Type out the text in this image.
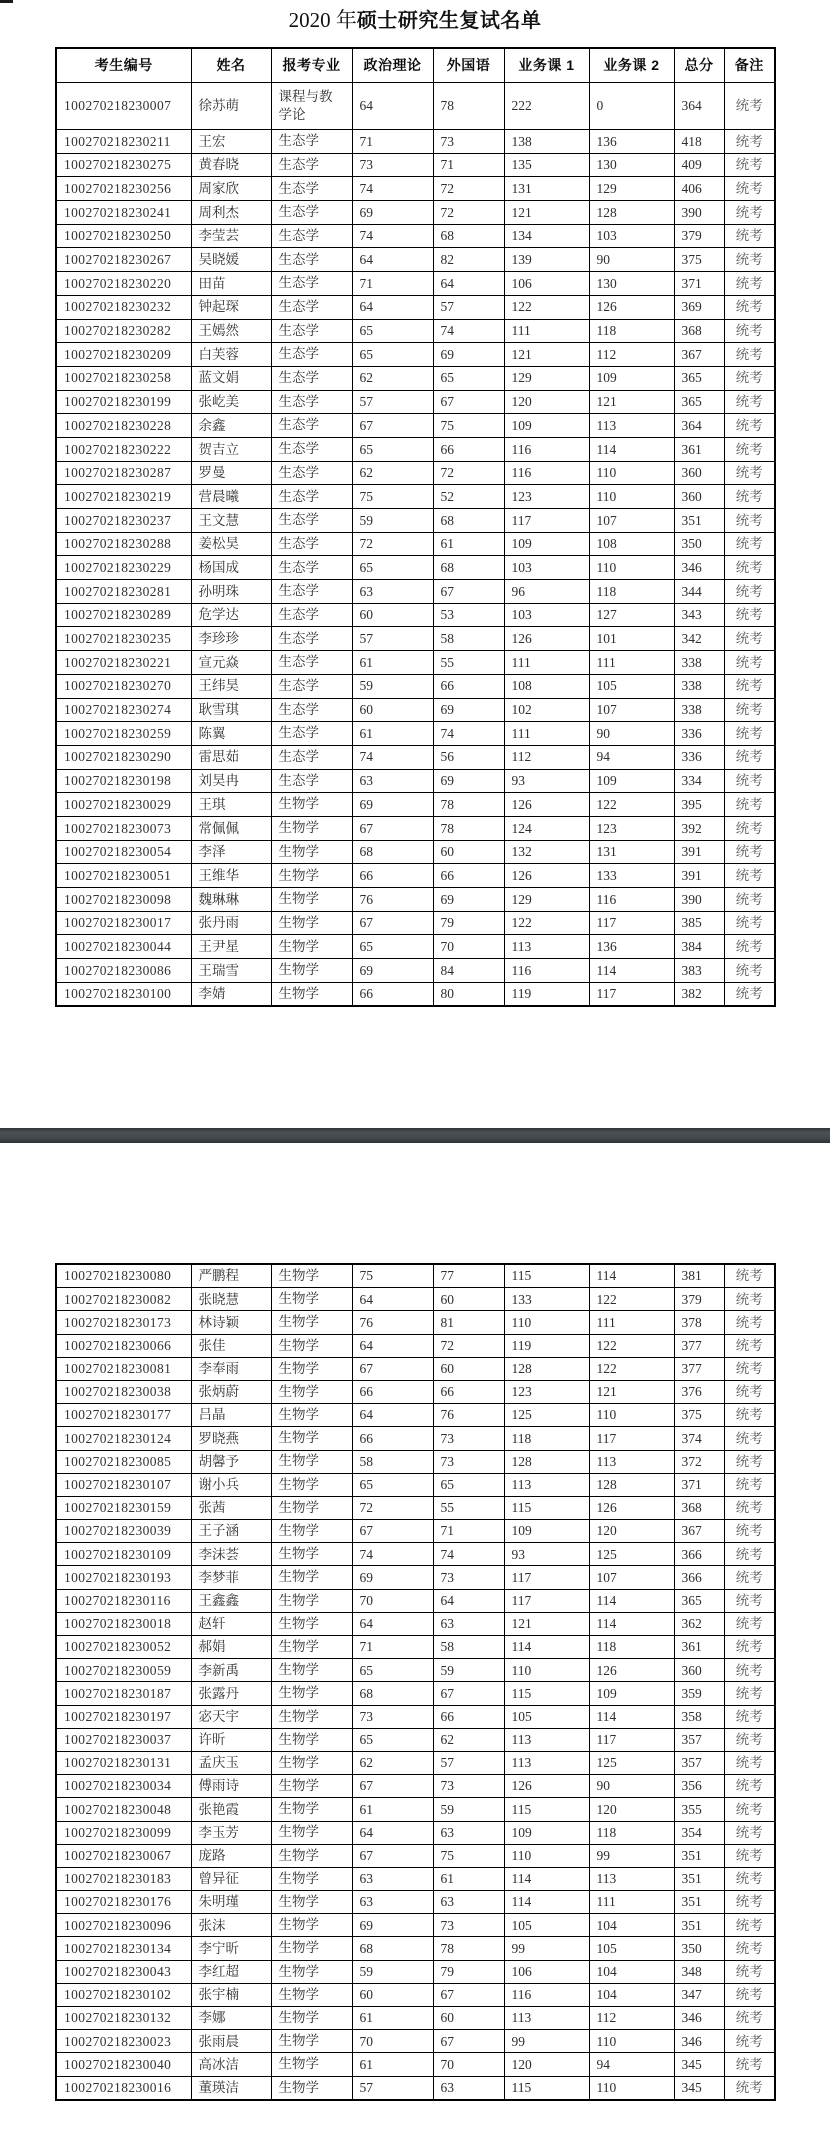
2020 年硕士研究生复试名单
考生编号	姓名	报考专业	政治理论	外国语	业务课 1	业务课 2	总分	备注
100270218230007	徐苏萌	课程与教学论	64	78	222	0	364	统考
100270218230211	王宏	生态学	71	73	138	136	418	统考
100270218230275	黄春晓	生态学	73	71	135	130	409	统考
100270218230256	周家欣	生态学	74	72	131	129	406	统考
100270218230241	周利杰	生态学	69	72	121	128	390	统考
100270218230250	李莹芸	生态学	74	68	134	103	379	统考
100270218230267	吴晓媛	生态学	64	82	139	90	375	统考
100270218230220	田苗	生态学	71	64	106	130	371	统考
100270218230232	钟起琛	生态学	64	57	122	126	369	统考
100270218230282	王嫣然	生态学	65	74	111	118	368	统考
100270218230209	白芙蓉	生态学	65	69	121	112	367	统考
100270218230258	蓝文娟	生态学	62	65	129	109	365	统考
100270218230199	张屹美	生态学	57	67	120	121	365	统考
100270218230228	余鑫	生态学	67	75	109	113	364	统考
100270218230222	贺吉立	生态学	65	66	116	114	361	统考
100270218230287	罗曼	生态学	62	72	116	110	360	统考
100270218230219	营晨曦	生态学	75	52	123	110	360	统考
100270218230237	王文慧	生态学	59	68	117	107	351	统考
100270218230288	姜松昊	生态学	72	61	109	108	350	统考
100270218230229	杨国成	生态学	65	68	103	110	346	统考
100270218230281	孙明珠	生态学	63	67	96	118	344	统考
100270218230289	危学达	生态学	60	53	103	127	343	统考
100270218230235	李珍珍	生态学	57	58	126	101	342	统考
100270218230221	宣元焱	生态学	61	55	111	111	338	统考
100270218230270	王纬昊	生态学	59	66	108	105	338	统考
100270218230274	耿雪琪	生态学	60	69	102	107	338	统考
100270218230259	陈翼	生态学	61	74	111	90	336	统考
100270218230290	雷思茹	生态学	74	56	112	94	336	统考
100270218230198	刘昊冉	生态学	63	69	93	109	334	统考
100270218230029	王琪	生物学	69	78	126	122	395	统考
100270218230073	常佩佩	生物学	67	78	124	123	392	统考
100270218230054	李泽	生物学	68	60	132	131	391	统考
100270218230051	王维华	生物学	66	66	126	133	391	统考
100270218230098	魏琳琳	生物学	76	69	129	116	390	统考
100270218230017	张丹雨	生物学	67	79	122	117	385	统考
100270218230044	王尹星	生物学	65	70	113	136	384	统考
100270218230086	王瑞雪	生物学	69	84	116	114	383	统考
100270218230100	李婧	生物学	66	80	119	117	382	统考
100270218230080	严鹏程	生物学	75	77	115	114	381	统考
100270218230082	张晓慧	生物学	64	60	133	122	379	统考
100270218230173	林诗颖	生物学	76	81	110	111	378	统考
100270218230066	张佳	生物学	64	72	119	122	377	统考
100270218230081	李奉雨	生物学	67	60	128	122	377	统考
100270218230038	张炳蔚	生物学	66	66	123	121	376	统考
100270218230177	吕晶	生物学	64	76	125	110	375	统考
100270218230124	罗晓燕	生物学	66	73	118	117	374	统考
100270218230085	胡馨予	生物学	58	73	128	113	372	统考
100270218230107	谢小兵	生物学	65	65	113	128	371	统考
100270218230159	张茜	生物学	72	55	115	126	368	统考
100270218230039	王子涵	生物学	67	71	109	120	367	统考
100270218230109	李沫荟	生物学	74	74	93	125	366	统考
100270218230193	李梦菲	生物学	69	73	117	107	366	统考
100270218230116	王鑫鑫	生物学	70	64	117	114	365	统考
100270218230018	赵轩	生物学	64	63	121	114	362	统考
100270218230052	郝娟	生物学	71	58	114	118	361	统考
100270218230059	李新禹	生物学	65	59	110	126	360	统考
100270218230187	张露丹	生物学	68	67	115	109	359	统考
100270218230197	宓天宇	生物学	73	66	105	114	358	统考
100270218230037	许昕	生物学	65	62	113	117	357	统考
100270218230131	孟庆玉	生物学	62	57	113	125	357	统考
100270218230034	傅雨诗	生物学	67	73	126	90	356	统考
100270218230048	张艳霞	生物学	61	59	115	120	355	统考
100270218230099	李玉芳	生物学	64	63	109	118	354	统考
100270218230067	庞路	生物学	67	75	110	99	351	统考
100270218230183	曾异征	生物学	63	61	114	113	351	统考
100270218230176	朱明瑾	生物学	63	63	114	111	351	统考
100270218230096	张沫	生物学	69	73	105	104	351	统考
100270218230134	李宁昕	生物学	68	78	99	105	350	统考
100270218230043	李红超	生物学	59	79	106	104	348	统考
100270218230102	张宇楠	生物学	60	67	116	104	347	统考
100270218230132	李娜	生物学	61	60	113	112	346	统考
100270218230023	张雨晨	生物学	70	67	99	110	346	统考
100270218230040	高冰洁	生物学	61	70	120	94	345	统考
100270218230016	董瑛洁	生物学	57	63	115	110	345	统考
